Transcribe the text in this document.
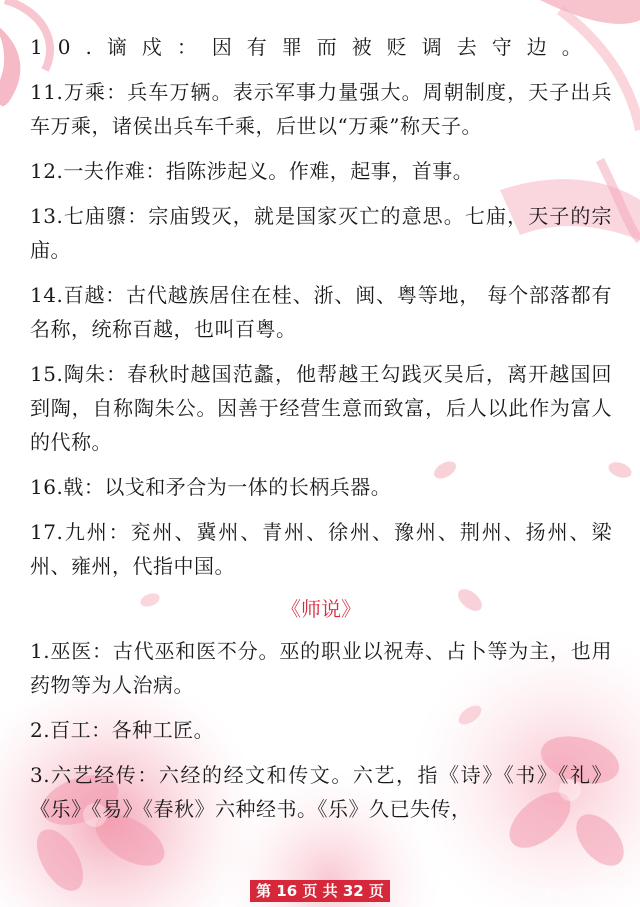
10.谪戍：因有罪而被贬调去守边。
11.万乘：兵车万辆。表示军事力量强大。周朝制度，天子出兵车万乘，诸侯出兵车千乘，后世以“万乘”称天子。
12.一夫作难：指陈涉起义。作难，起事，首事。
13.七庙隳：宗庙毁灭，就是国家灭亡的意思。七庙，天子的宗庙。
14.百越：古代越族居住在桂、浙、闽、粤等地， 每个部落都有名称，统称百越，也叫百粤。
15.陶朱：春秋时越国范蠡，他帮越王勾践灭吴后，离开越国回到陶，自称陶朱公。因善于经营生意而致富，后人以此作为富人的代称。
16.戟：以戈和矛合为一体的长柄兵器。
17.九州：兖州、冀州、青州、徐州、豫州、荆州、扬州、梁州、雍州，代指中国。
《师说》
1.巫医：古代巫和医不分。巫的职业以祝寿、占卜等为主，也用药物等为人治病。
2.百工：各种工匠。
3.六艺经传：六经的经文和传文。六艺，指《诗》《书》《礼》《乐》《易》《春秋》六种经书。《乐》久已失传，
第 16 页 共 32 页	百家号/学霸说秘籍
